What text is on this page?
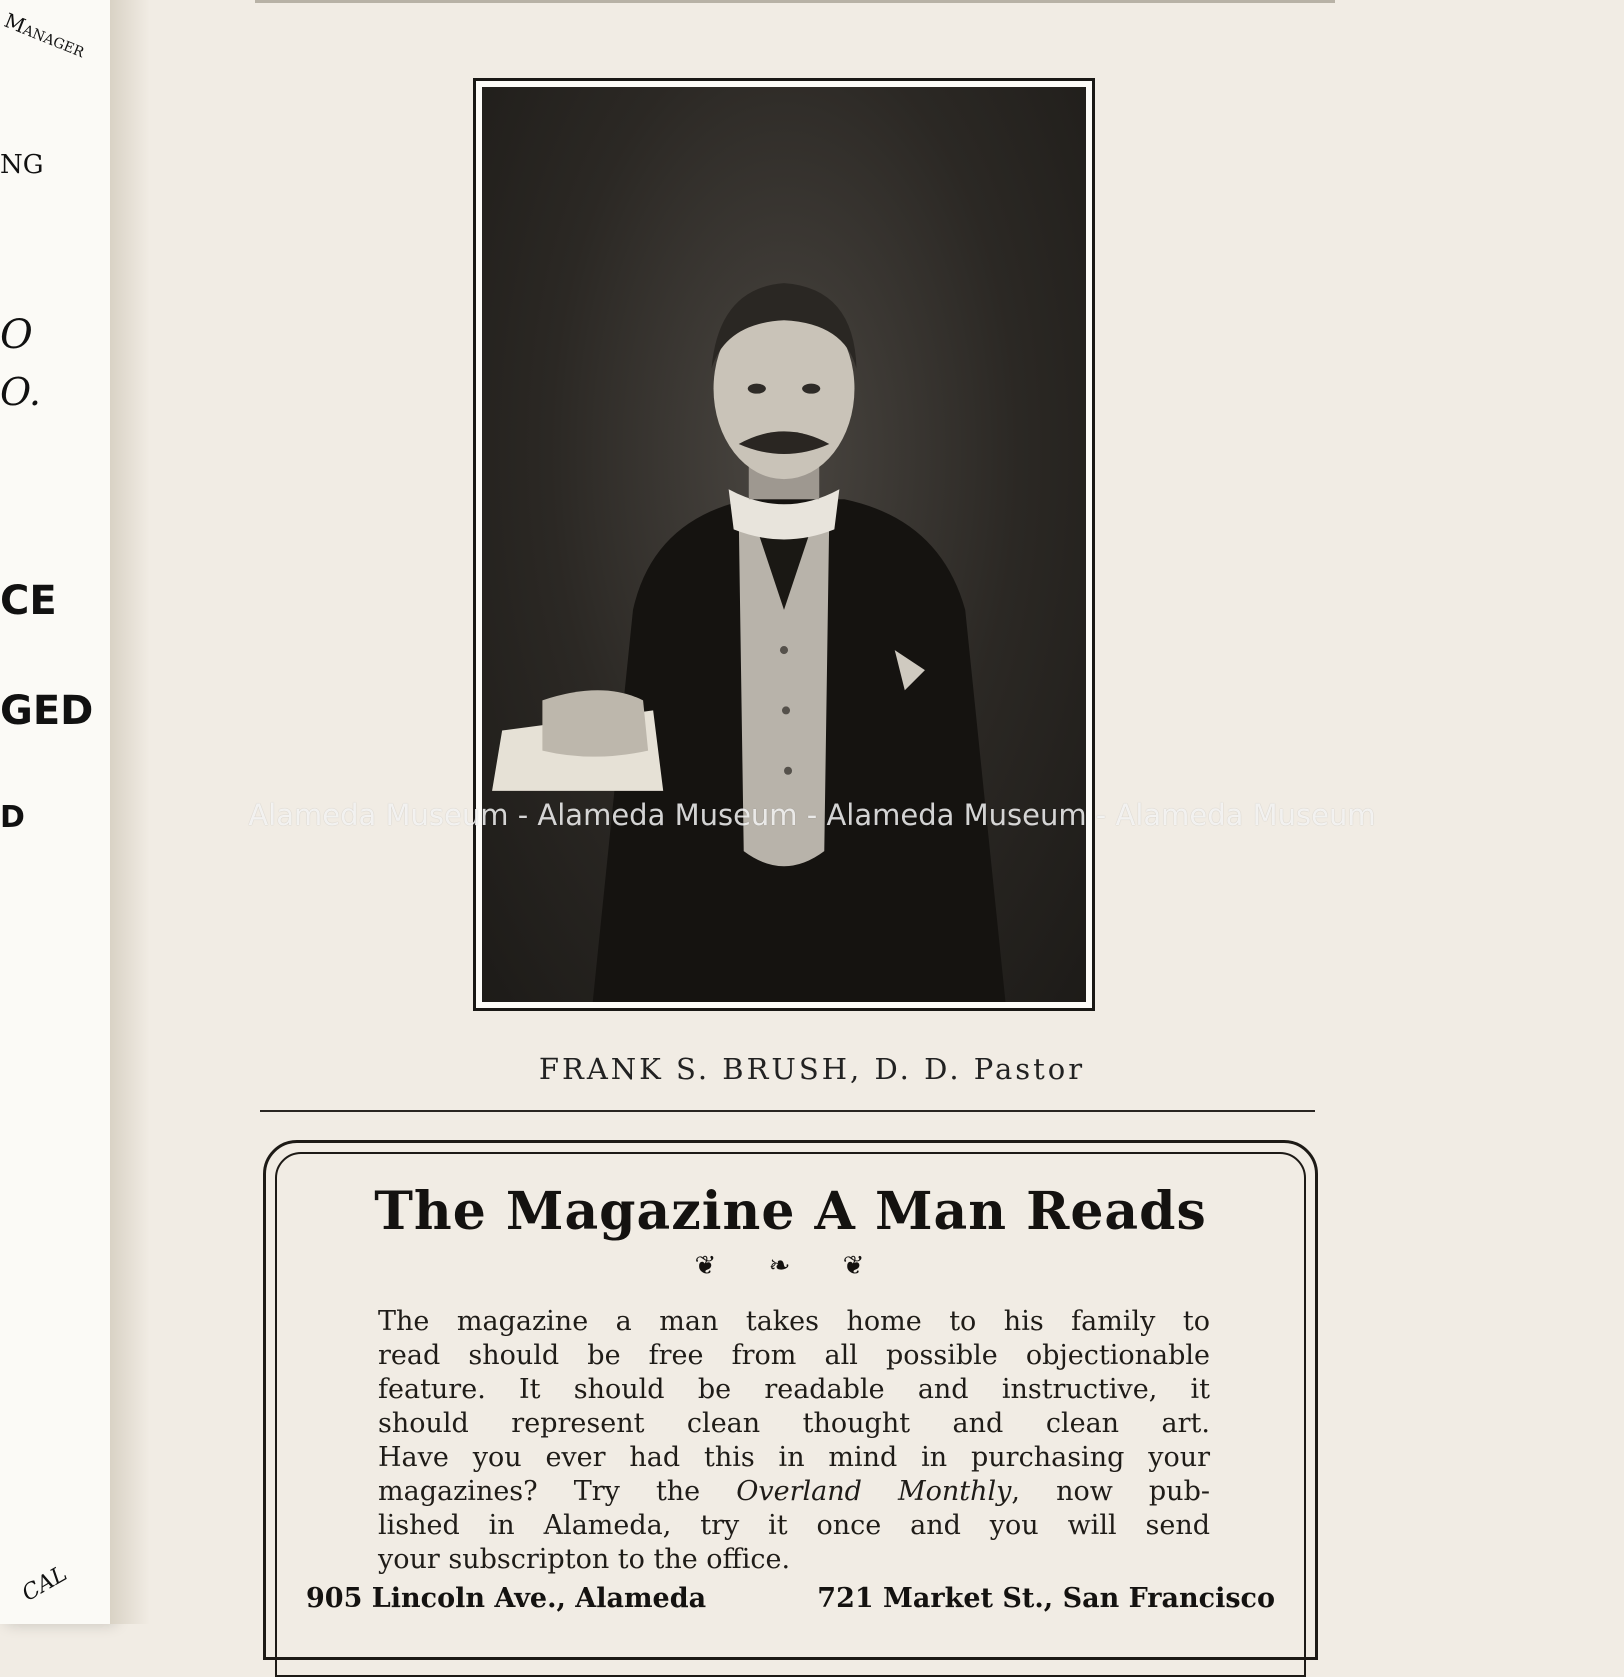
Manager
NG
O
O.
CE
GED
D
CAL
FRANK S. BRUSH, D. D. Pastor
The Magazine A Man Reads
❦ ❧ ❦
The magazine a man takes home to his family to
read should be free from all possible objectionable
feature. It should be readable and instructive, it
should represent clean thought and clean art.
Have you ever had this in mind in purchasing your
magazines? Try the Overland Monthly, now pub-
lished in Alameda, try it once and you will send
your subscripton to the office.
905 Lincoln Ave., Alameda	721 Market St., San Francisco
Alameda Museum - Alameda Museum - Alameda Museum - Alameda Museum
